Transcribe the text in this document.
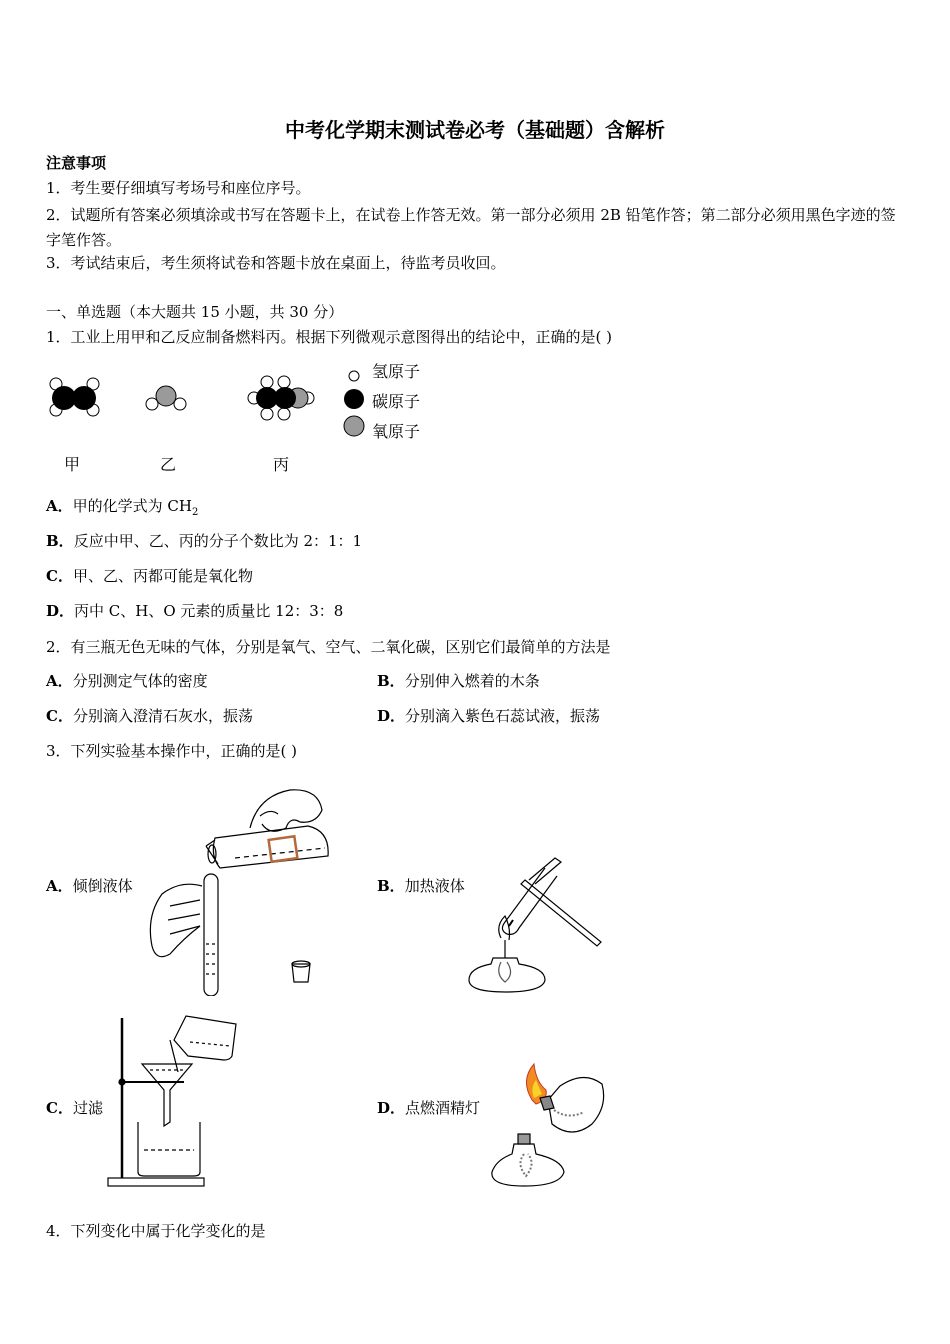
中考化学期末测试卷必考（基础题）含解析
注意事项
1．考生要仔细填写考场号和座位序号。
2．试题所有答案必须填涂或书写在答题卡上，在试卷上作答无效。第一部分必须用 2B 铅笔作答；第二部分必须用黑色字迹的签字笔作答。
3．考试结束后，考生须将试卷和答题卡放在桌面上，待监考员收回。
一、单选题（本大题共 15 小题，共 30 分）
1．工业上用甲和乙反应制备燃料丙。根据下列微观示意图得出的结论中，正确的是( )
氢原子
碳原子
氧原子
甲	乙	丙
A．甲的化学式为 $CH_2$
B．反应中甲、乙、丙的分子个数比为 2：1：1
C．甲、乙、丙都可能是氧化物
D．丙中 C、H、O 元素的质量比 12：3：8
2．有三瓶无色无味的气体，分别是氧气、空气、二氧化碳，区别它们最简单的方法是
A．分别测定气体的密度	B．分别伸入燃着的木条
C．分别滴入澄清石灰水，振荡	D．分别滴入紫色石蕊试液，振荡
3．下列实验基本操作中，正确的是( )
A．倾倒液体	B．加热液体
C．过滤	D．点燃酒精灯
4．下列变化中属于化学变化的是
